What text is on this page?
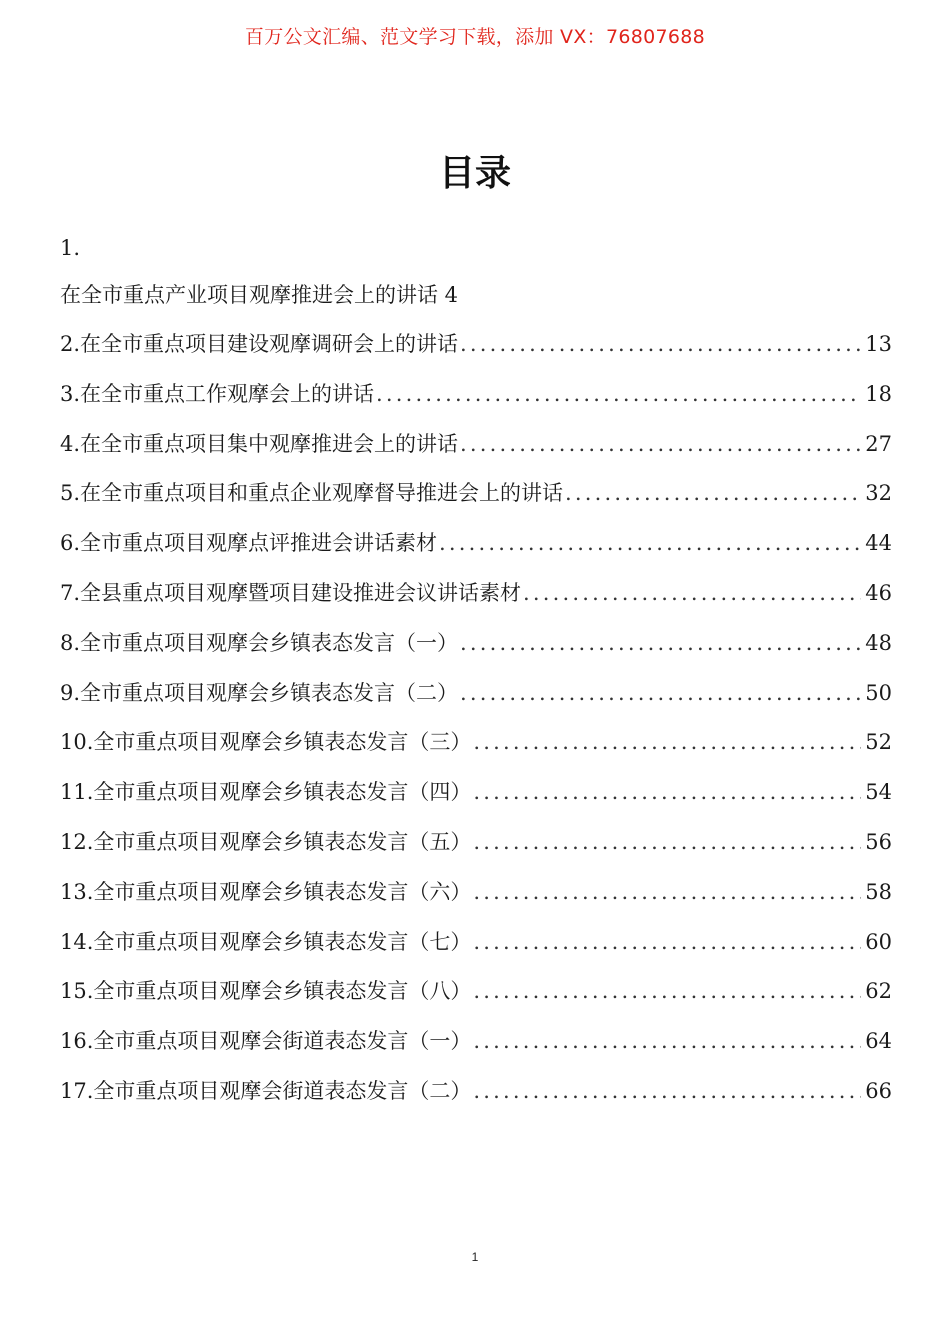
百万公文汇编、范文学习下载，添加 VX：76807688
目录
1.
在全市重点产业项目观摩推进会上的讲话 4
2.在全市重点项目建设观摩调研会上的讲话 .....	13
3.在全市重点工作观摩会上的讲话 .....	18
4.在全市重点项目集中观摩推进会上的讲话 .....	27
5.在全市重点项目和重点企业观摩督导推进会上的讲话 .....	32
6.全市重点项目观摩点评推进会讲话素材 .....	44
7.全县重点项目观摩暨项目建设推进会议讲话素材 .....	46
8.全市重点项目观摩会乡镇表态发言（一） .....	48
9.全市重点项目观摩会乡镇表态发言（二） .....	50
10.全市重点项目观摩会乡镇表态发言（三） .....	52
11.全市重点项目观摩会乡镇表态发言（四） .....	54
12.全市重点项目观摩会乡镇表态发言（五） .....	56
13.全市重点项目观摩会乡镇表态发言（六） .....	58
14.全市重点项目观摩会乡镇表态发言（七） .....	60
15.全市重点项目观摩会乡镇表态发言（八） .....	62
16.全市重点项目观摩会街道表态发言（一） .....	64
17.全市重点项目观摩会街道表态发言（二） .....	66
1
